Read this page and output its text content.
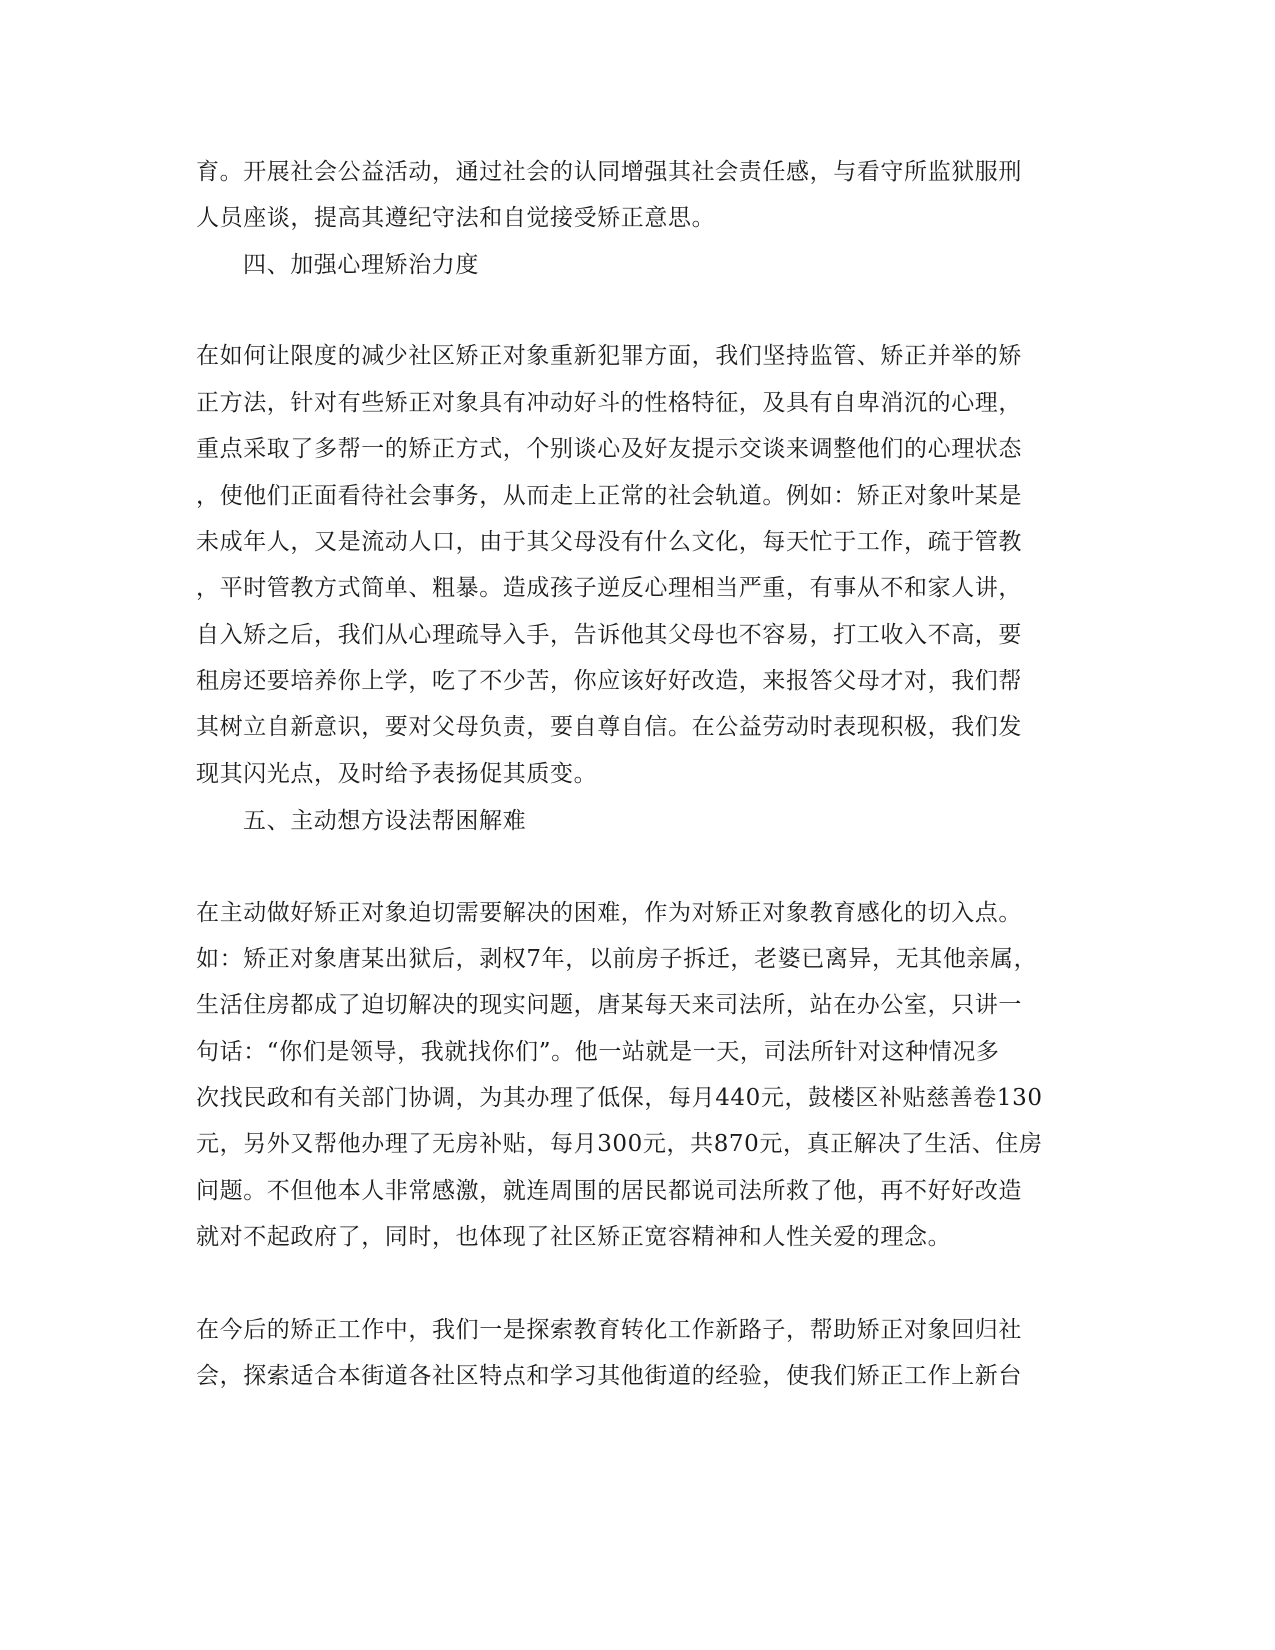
育。开展社会公益活动，通过社会的认同增强其社会责任感，与看守所监狱服刑
人员座谈，提高其遵纪守法和自觉接受矫正意思。
四、加强心理矫治力度
在如何让限度的减少社区矫正对象重新犯罪方面，我们坚持监管、矫正并举的矫
正方法，针对有些矫正对象具有冲动好斗的性格特征，及具有自卑消沉的心理，
重点采取了多帮一的矫正方式，个别谈心及好友提示交谈来调整他们的心理状态
，使他们正面看待社会事务，从而走上正常的社会轨道。例如：矫正对象叶某是
未成年人，又是流动人口，由于其父母没有什么文化，每天忙于工作，疏于管教
，平时管教方式简单、粗暴。造成孩子逆反心理相当严重，有事从不和家人讲，
自入矫之后，我们从心理疏导入手，告诉他其父母也不容易，打工收入不高，要
租房还要培养你上学，吃了不少苦，你应该好好改造，来报答父母才对，我们帮
其树立自新意识，要对父母负责，要自尊自信。在公益劳动时表现积极，我们发
现其闪光点，及时给予表扬促其质变。
五、主动想方设法帮困解难
在主动做好矫正对象迫切需要解决的困难，作为对矫正对象教育感化的切入点。
如：矫正对象唐某出狱后，剥权7年，以前房子拆迁，老婆已离异，无其他亲属，
生活住房都成了迫切解决的现实问题，唐某每天来司法所，站在办公室，只讲一
句话：“你们是领导，我就找你们”。他一站就是一天，司法所针对这种情况多
次找民政和有关部门协调，为其办理了低保，每月440元，鼓楼区补贴慈善卷130
元，另外又帮他办理了无房补贴，每月300元，共870元，真正解决了生活、住房
问题。不但他本人非常感激，就连周围的居民都说司法所救了他，再不好好改造
就对不起政府了，同时，也体现了社区矫正宽容精神和人性关爱的理念。
在今后的矫正工作中，我们一是探索教育转化工作新路子，帮助矫正对象回归社
会，探索适合本街道各社区特点和学习其他街道的经验，使我们矫正工作上新台
